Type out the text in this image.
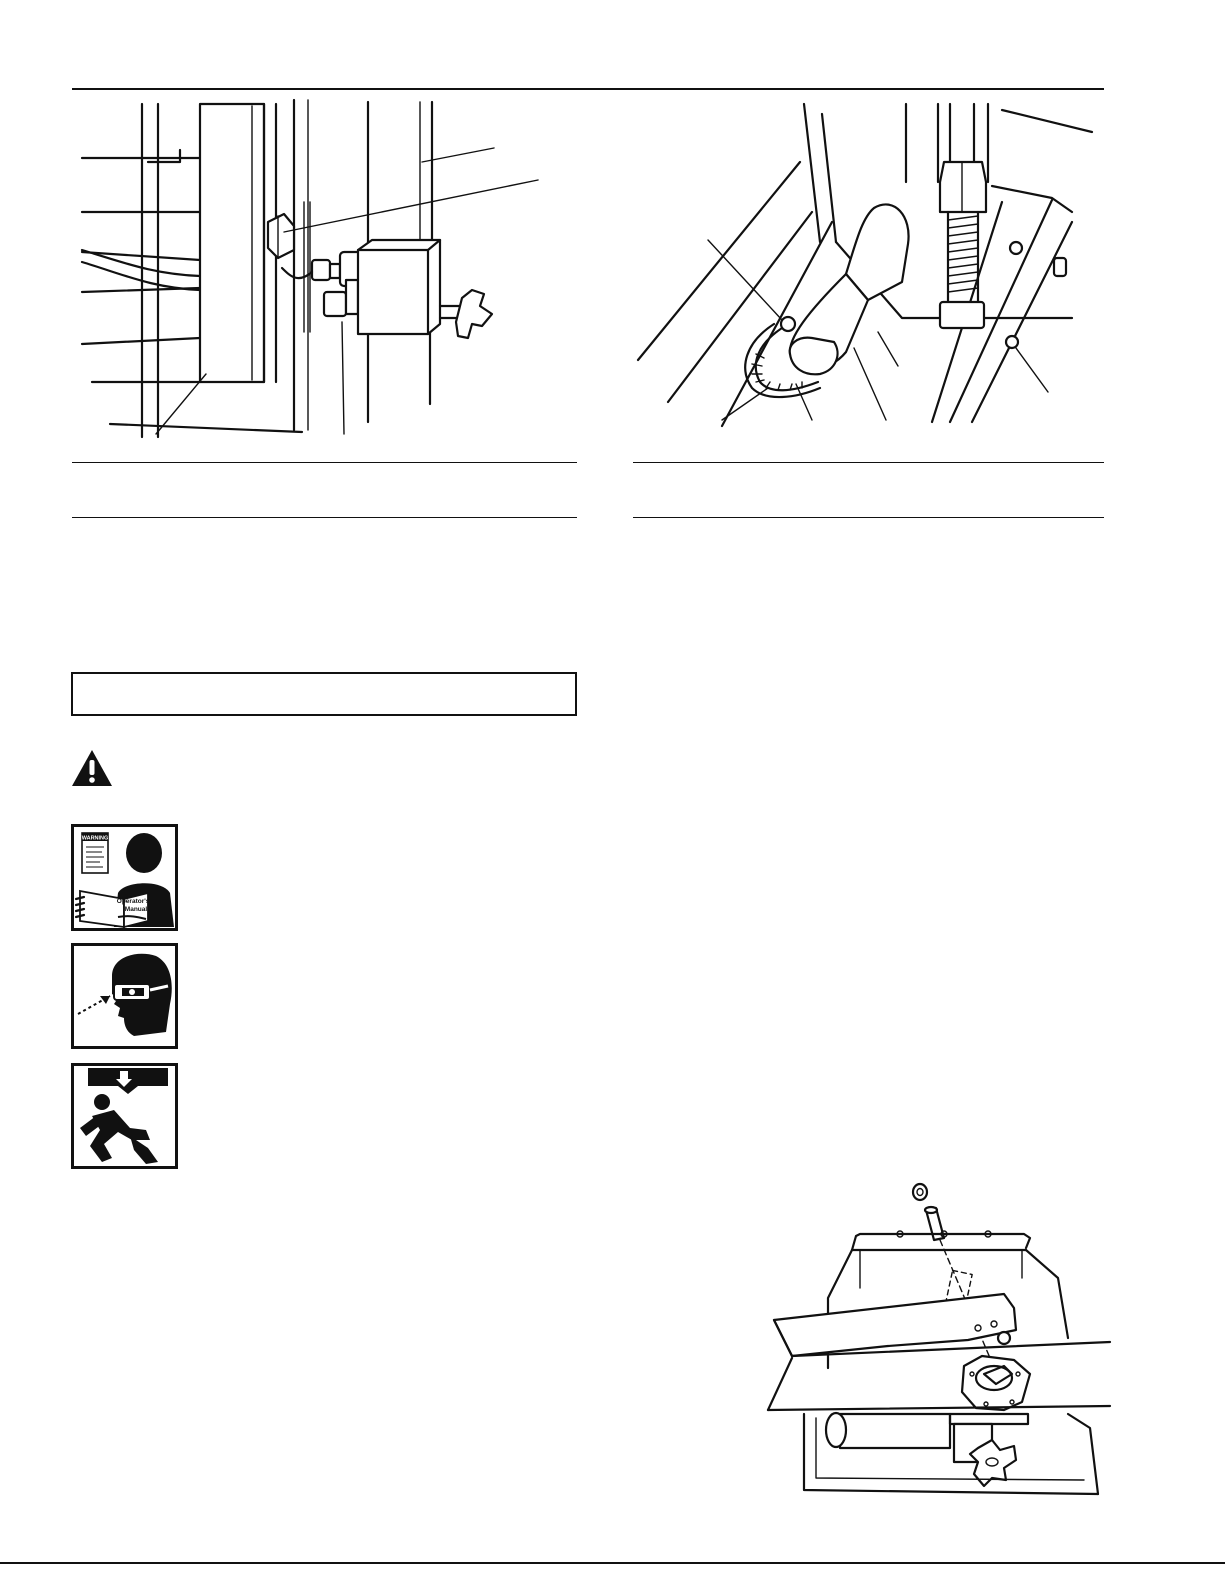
WARNING
Operator's Manual
